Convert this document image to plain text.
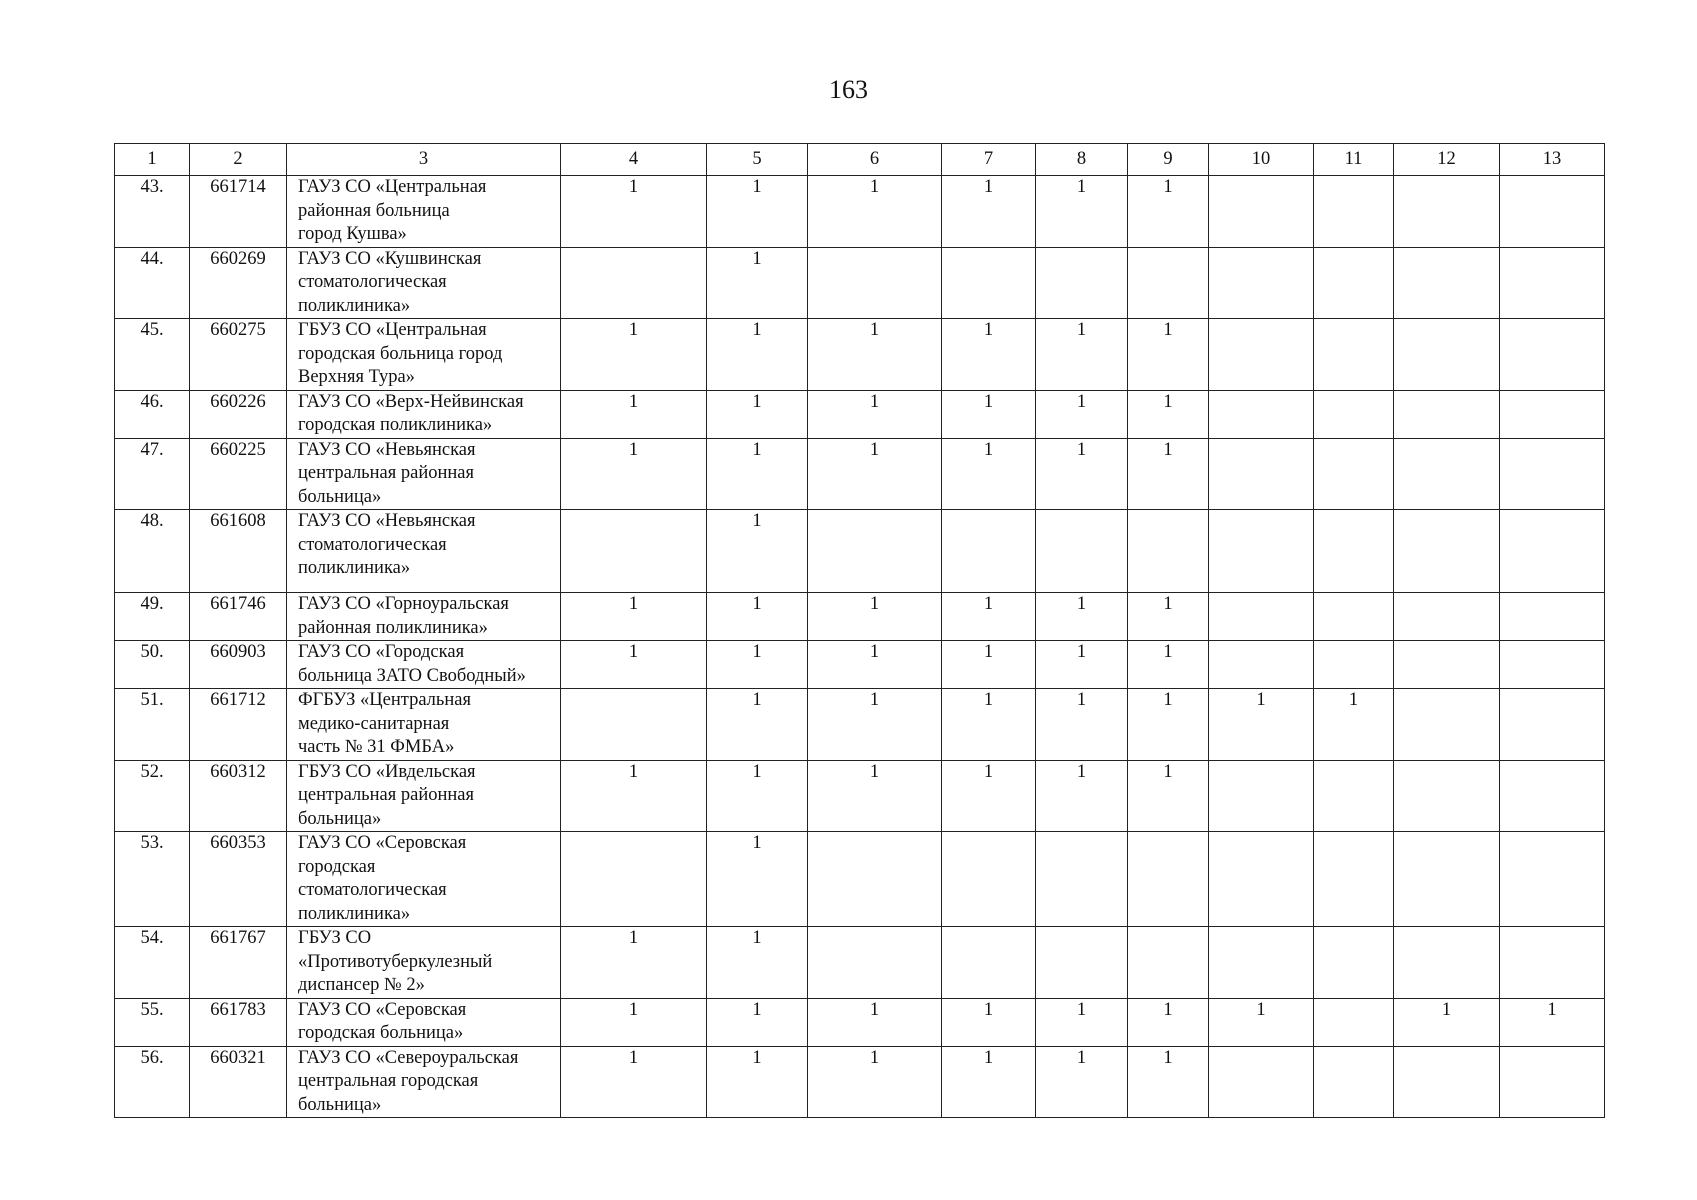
163
1	2	3	4	5	6	7	8	9	10	11	12	13
43.	661714	ГАУЗ СО «Центральная
районная больница
город Кушва»	1	1	1	1	1	1				
44.	660269	ГАУЗ СО «Кушвинская
стоматологическая
поликлиника»		1								
45.	660275	ГБУЗ СО «Центральная
городская больница город
Верхняя Тура»	1	1	1	1	1	1				
46.	660226	ГАУЗ СО «Верх-Нейвинская
городская поликлиника»	1	1	1	1	1	1				
47.	660225	ГАУЗ СО «Невьянская
центральная районная
больница»	1	1	1	1	1	1				
48.	661608	ГАУЗ СО «Невьянская
стоматологическая
поликлиника»		1								
49.	661746	ГАУЗ СО «Горноуральская
районная поликлиника»	1	1	1	1	1	1				
50.	660903	ГАУЗ СО «Городская
больница ЗАТО Свободный»	1	1	1	1	1	1				
51.	661712	ФГБУЗ «Центральная
медико-санитарная
часть № 31 ФМБА»		1	1	1	1	1	1	1		
52.	660312	ГБУЗ СО «Ивдельская
центральная районная
больница»	1	1	1	1	1	1				
53.	660353	ГАУЗ СО «Серовская
городская
стоматологическая
поликлиника»		1								
54.	661767	ГБУЗ СО
«Противотуберкулезный
диспансер № 2»	1	1								
55.	661783	ГАУЗ СО «Серовская
городская больница»	1	1	1	1	1	1	1		1	1
56.	660321	ГАУЗ СО «Североуральская
центральная городская
больница»	1	1	1	1	1	1				
